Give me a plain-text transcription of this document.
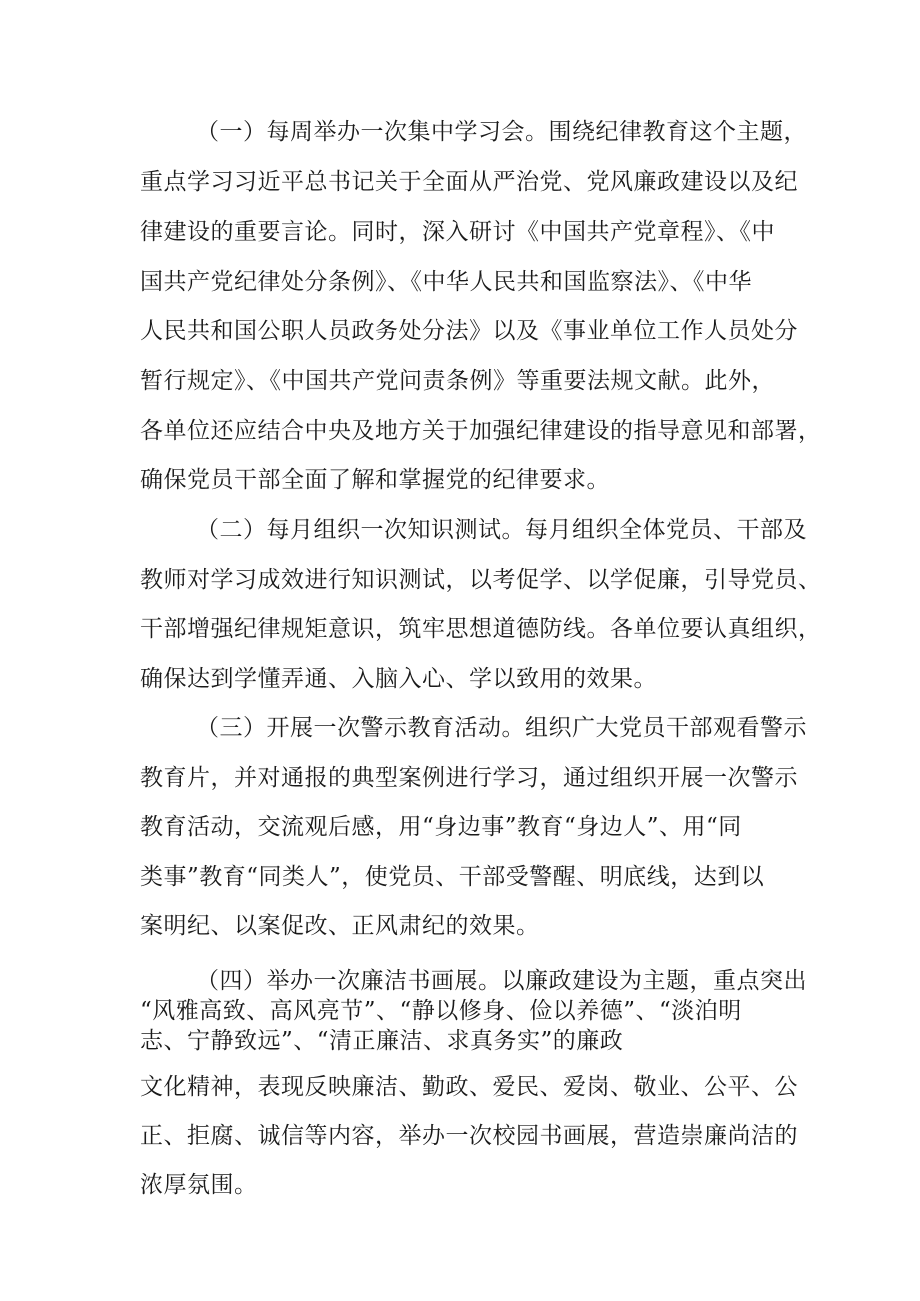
（一）每周举办一次集中学习会。围绕纪律教育这个主题，
重点学习习近平总书记关于全面从严治党、党风廉政建设以及纪
律建设的重要言论。同时，深入研讨《中国共产党章程》、《中
国共产党纪律处分条例》、《中华人民共和国监察法》、《中华
人民共和国公职人员政务处分法》以及《事业单位工作人员处分
暂行规定》、《中国共产党问责条例》等重要法规文献。此外，
各单位还应结合中央及地方关于加强纪律建设的指导意见和部署，
确保党员干部全面了解和掌握党的纪律要求。
（二）每月组织一次知识测试。每月组织全体党员、干部及
教师对学习成效进行知识测试，以考促学、以学促廉，引导党员、
干部增强纪律规矩意识，筑牢思想道德防线。各单位要认真组织，
确保达到学懂弄通、入脑入心、学以致用的效果。
（三）开展一次警示教育活动。组织广大党员干部观看警示
教育片，并对通报的典型案例进行学习，通过组织开展一次警示
教育活动，交流观后感，用“身边事”教育“身边人”、用“同
类事”教育“同类人”，使党员、干部受警醒、明底线，达到以
案明纪、以案促改、正风肃纪的效果。
（四）举办一次廉洁书画展。以廉政建设为主题，重点突出
“风雅高致、高风亮节”、“静以修身、俭以养德”、“淡泊明
志、宁静致远”、“清正廉洁、求真务实”的廉政
文化精神，表现反映廉洁、勤政、爱民、爱岗、敬业、公平、公
正、拒腐、诚信等内容，举办一次校园书画展，营造崇廉尚洁的
浓厚氛围。
